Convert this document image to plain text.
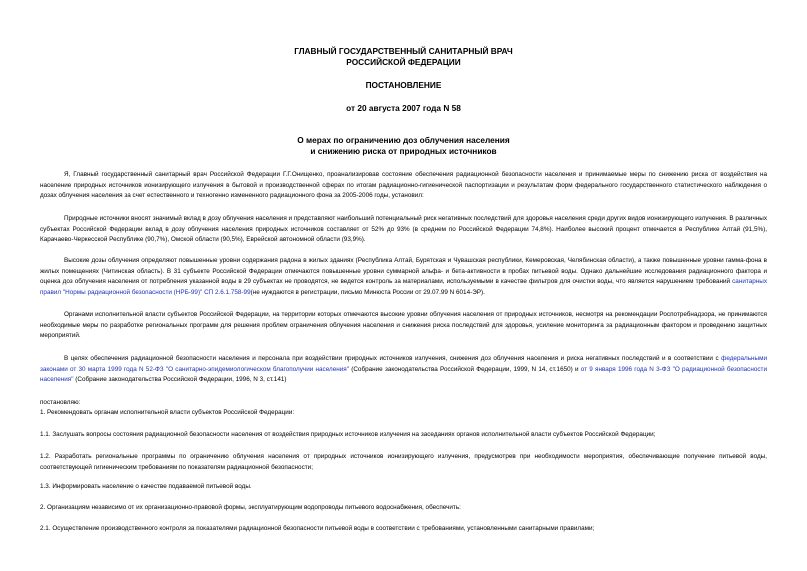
ГЛАВНЫЙ ГОСУДАРСТВЕННЫЙ САНИТАРНЫЙ ВРАЧ
РОССИЙСКОЙ ФЕДЕРАЦИИ
ПОСТАНОВЛЕНИЕ
от 20 августа 2007 года N 58
О мерах по ограничению доз облучения населения
и снижению риска от природных источников
Я, Главный государственный санитарный врач Российской Федерации Г.Г.Онищенко, проанализировав состояние обеспечения радиационной безопасности населения и принимаемые меры по снижению риска от воздействия на население природных источников ионизирующего излучения в бытовой и производственной сферах по итогам радиационно-гигиенической паспортизации и результатам форм федерального государственного статистического наблюдения о дозах облучения населения за счет естественного и техногенно измененного радиационного фона за 2005-2006 годы, установил:
Природные источники вносят значимый вклад в дозу облучения населения и представляют наибольший потенциальный риск негативных последствий для здоровья населения среди других видов ионизирующего излучения. В различных субъектах Российской Федерации вклад в дозу облучения населения природных источников составляет от 52% до 93% (в среднем по Российской Федерации 74,8%). Наиболее высокий процент отмечается в Республике Алтай (91,5%), Карачаево-Черкесской Республике (90,7%), Омской области (90,5%), Еврейской автономной области (93,9%).
Высокие дозы облучения определяют повышенные уровни содержания радона в жилых зданиях (Республика Алтай, Бурятская и Чувашская республики, Кемеровская, Челябинская области), а также повышенные уровни гамма-фона в жилых помещениях (Читинская область). В 31 субъекте Российской Федерации отмечаются повышенные уровни суммарной альфа- и бета-активности в пробах питьевой воды. Однако дальнейшие исследования радиационного фактора и оценка доз облучения населения от потребления указанной воды в 29 субъектах не проводятся, не ведется контроль за материалами, используемыми в качестве фильтров для очистки воды, что является нарушением требований санитарных правил "Нормы радиационной безопасности (НРБ-99)" СП 2.6.1.758-99(не нуждаются в регистрации, письмо Минюста России от 29.07.99 N 6014-ЭР).
Органами исполнительной власти субъектов Российской Федерации, на территории которых отмечаются высокие уровни облучения населения от природных источников, несмотря на рекомендации Роспотребнадзора, не принимаются необходимые меры по разработке региональных программ для решения проблем ограничения облучения населения и снижения риска последствий для здоровья, усиление мониторинга за радиационным фактором и проведению защитных мероприятий.
В целях обеспечения радиационной безопасности населения и персонала при воздействии природных источников излучения, снижения доз облучения населения и риска негативных последствий и в соответствии с федеральными законами от 30 марта 1999 года N 52-ФЗ "О санитарно-эпидемиологическом благополучии населения" (Собрание законодательства Российской Федерации, 1999, N 14, ст.1650) и от 9 января 1996 года N 3-ФЗ "О радиационной безопасности населения" (Собрание законодательства Российской Федерации, 1996, N 3, ст.141)
постановляю:
1. Рекомендовать органам исполнительной власти субъектов Российской Федерации:
1.1. Заслушать вопросы состояния радиационной безопасности населения от воздействия природных источников излучения на заседаниях органов исполнительной власти субъектов Российской Федерации;
1.2. Разработать региональные программы по ограничению облучения населения от природных источников ионизирующего излучения, предусмотрев при необходимости мероприятия, обеспечивающие получение питьевой воды, соответствующей гигиеническим требованиям по показателям радиационной безопасности;
1.3. Информировать население о качестве подаваемой питьевой воды.
2. Организациям независимо от их организационно-правовой формы, эксплуатирующим водопроводы питьевого водоснабжения, обеспечить:
2.1. Осуществление производственного контроля за показателями радиационной безопасности питьевой воды в соответствии с требованиями, установленными санитарными правилами;
